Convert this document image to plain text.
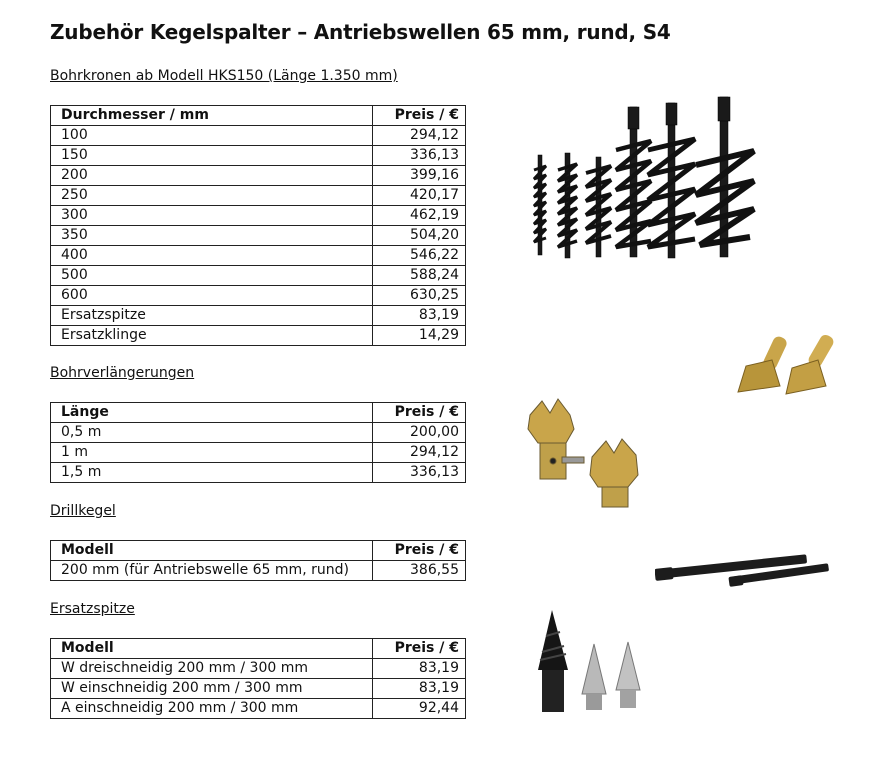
Zubehör Kegelspalter – Antriebswellen 65 mm, rund, S4
Bohrkronen ab Modell HKS150 (Länge 1.350 mm)
Durchmesser / mm	Preis / €
100	294,12
150	336,13
200	399,16
250	420,17
300	462,19
350	504,20
400	546,22
500	588,24
600	630,25
Ersatzspitze	83,19
Ersatzklinge	14,29
Bohrverlängerungen
Länge	Preis / €
0,5 m	200,00
1 m	294,12
1,5 m	336,13
Drillkegel
Modell	Preis / €
200 mm (für Antriebswelle 65 mm, rund)	386,55
Ersatzspitze
Modell	Preis / €
W dreischneidig 200 mm / 300 mm	83,19
W einschneidig 200 mm / 300 mm	83,19
A einschneidig 200 mm / 300 mm	92,44
